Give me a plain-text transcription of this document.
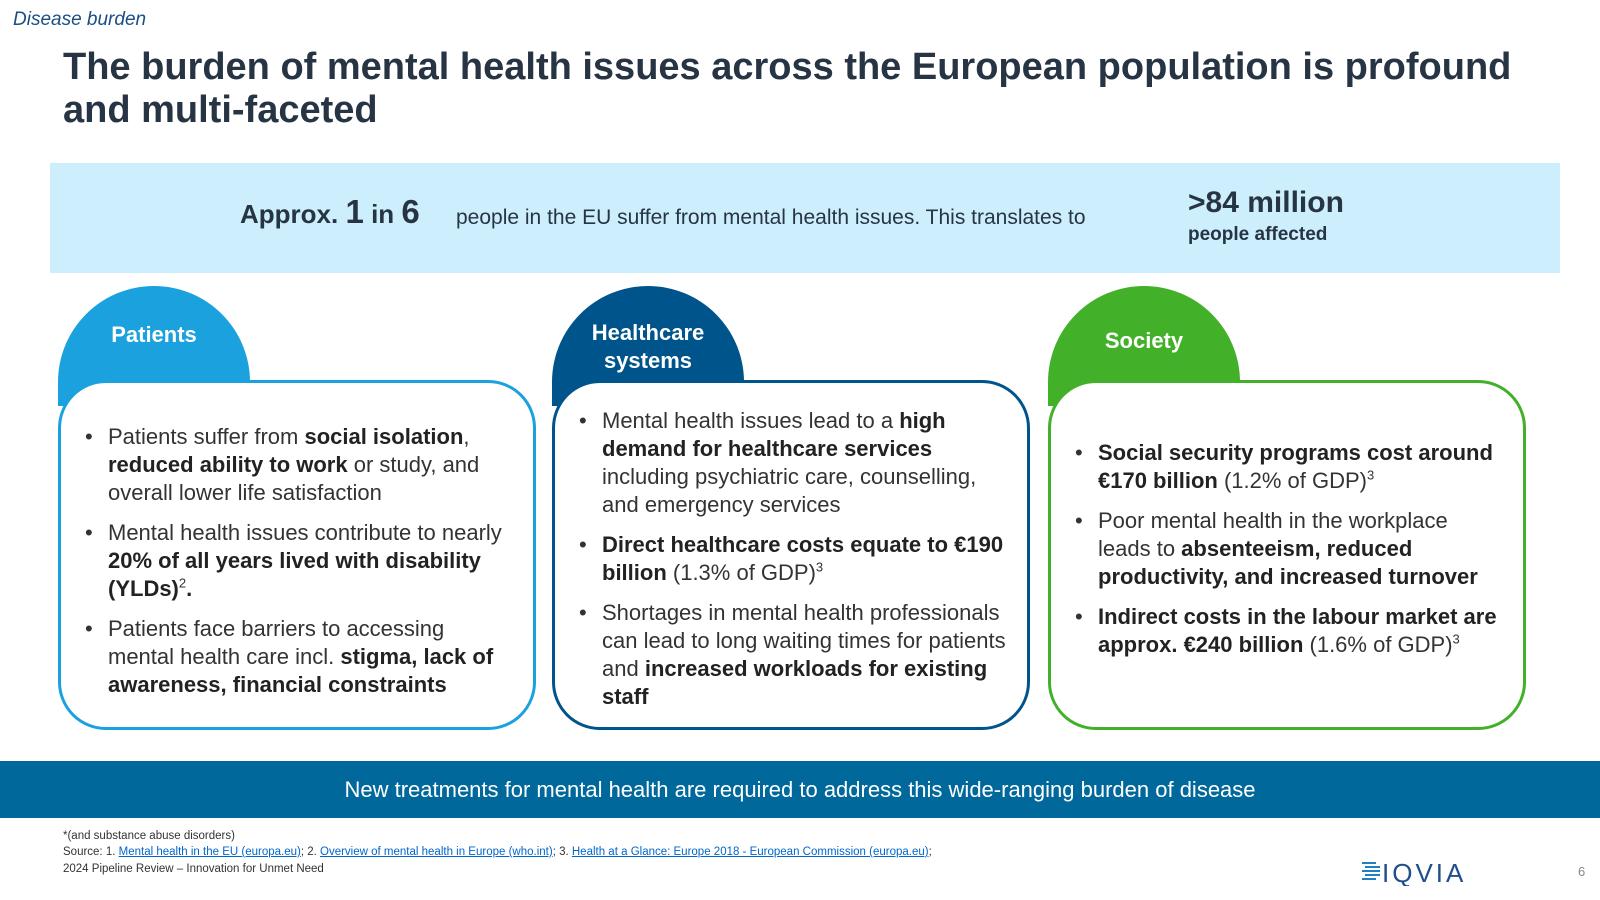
Disease burden
The burden of mental health issues across the European population is profound and multi-faceted
Approx. 1 in 6 people in the EU suffer from mental health issues. This translates to	>84 million
people affected
Patients
• Patients suffer from social isolation, reduced ability to work or study, and overall lower life satisfaction
• Mental health issues contribute to nearly 20% of all years lived with disability (YLDs)$^2$.
• Patients face barriers to accessing mental health care incl. stigma, lack of awareness, financial constraints
Healthcare
systems
• Mental health issues lead to a high demand for healthcare services including psychiatric care, counselling, and emergency services
• Direct healthcare costs equate to €190 billion (1.3% of GDP)$^3$
• Shortages in mental health professionals can lead to long waiting times for patients and increased workloads for existing staff
Society
• Social security programs cost around €170 billion (1.2% of GDP)$^3$
• Poor mental health in the workplace leads to absenteeism, reduced productivity, and increased turnover
• Indirect costs in the labour market are approx. €240 billion (1.6% of GDP)$^3$
New treatments for mental health are required to address this wide-ranging burden of disease
*(and substance abuse disorders)
Source: 1. Mental health in the EU (europa.eu); 2. Overview of mental health in Europe (who.int); 3. Health at a Glance: Europe 2018 - European Commission (europa.eu);
2024 Pipeline Review – Innovation for Unmet Need	IQVIA	6
